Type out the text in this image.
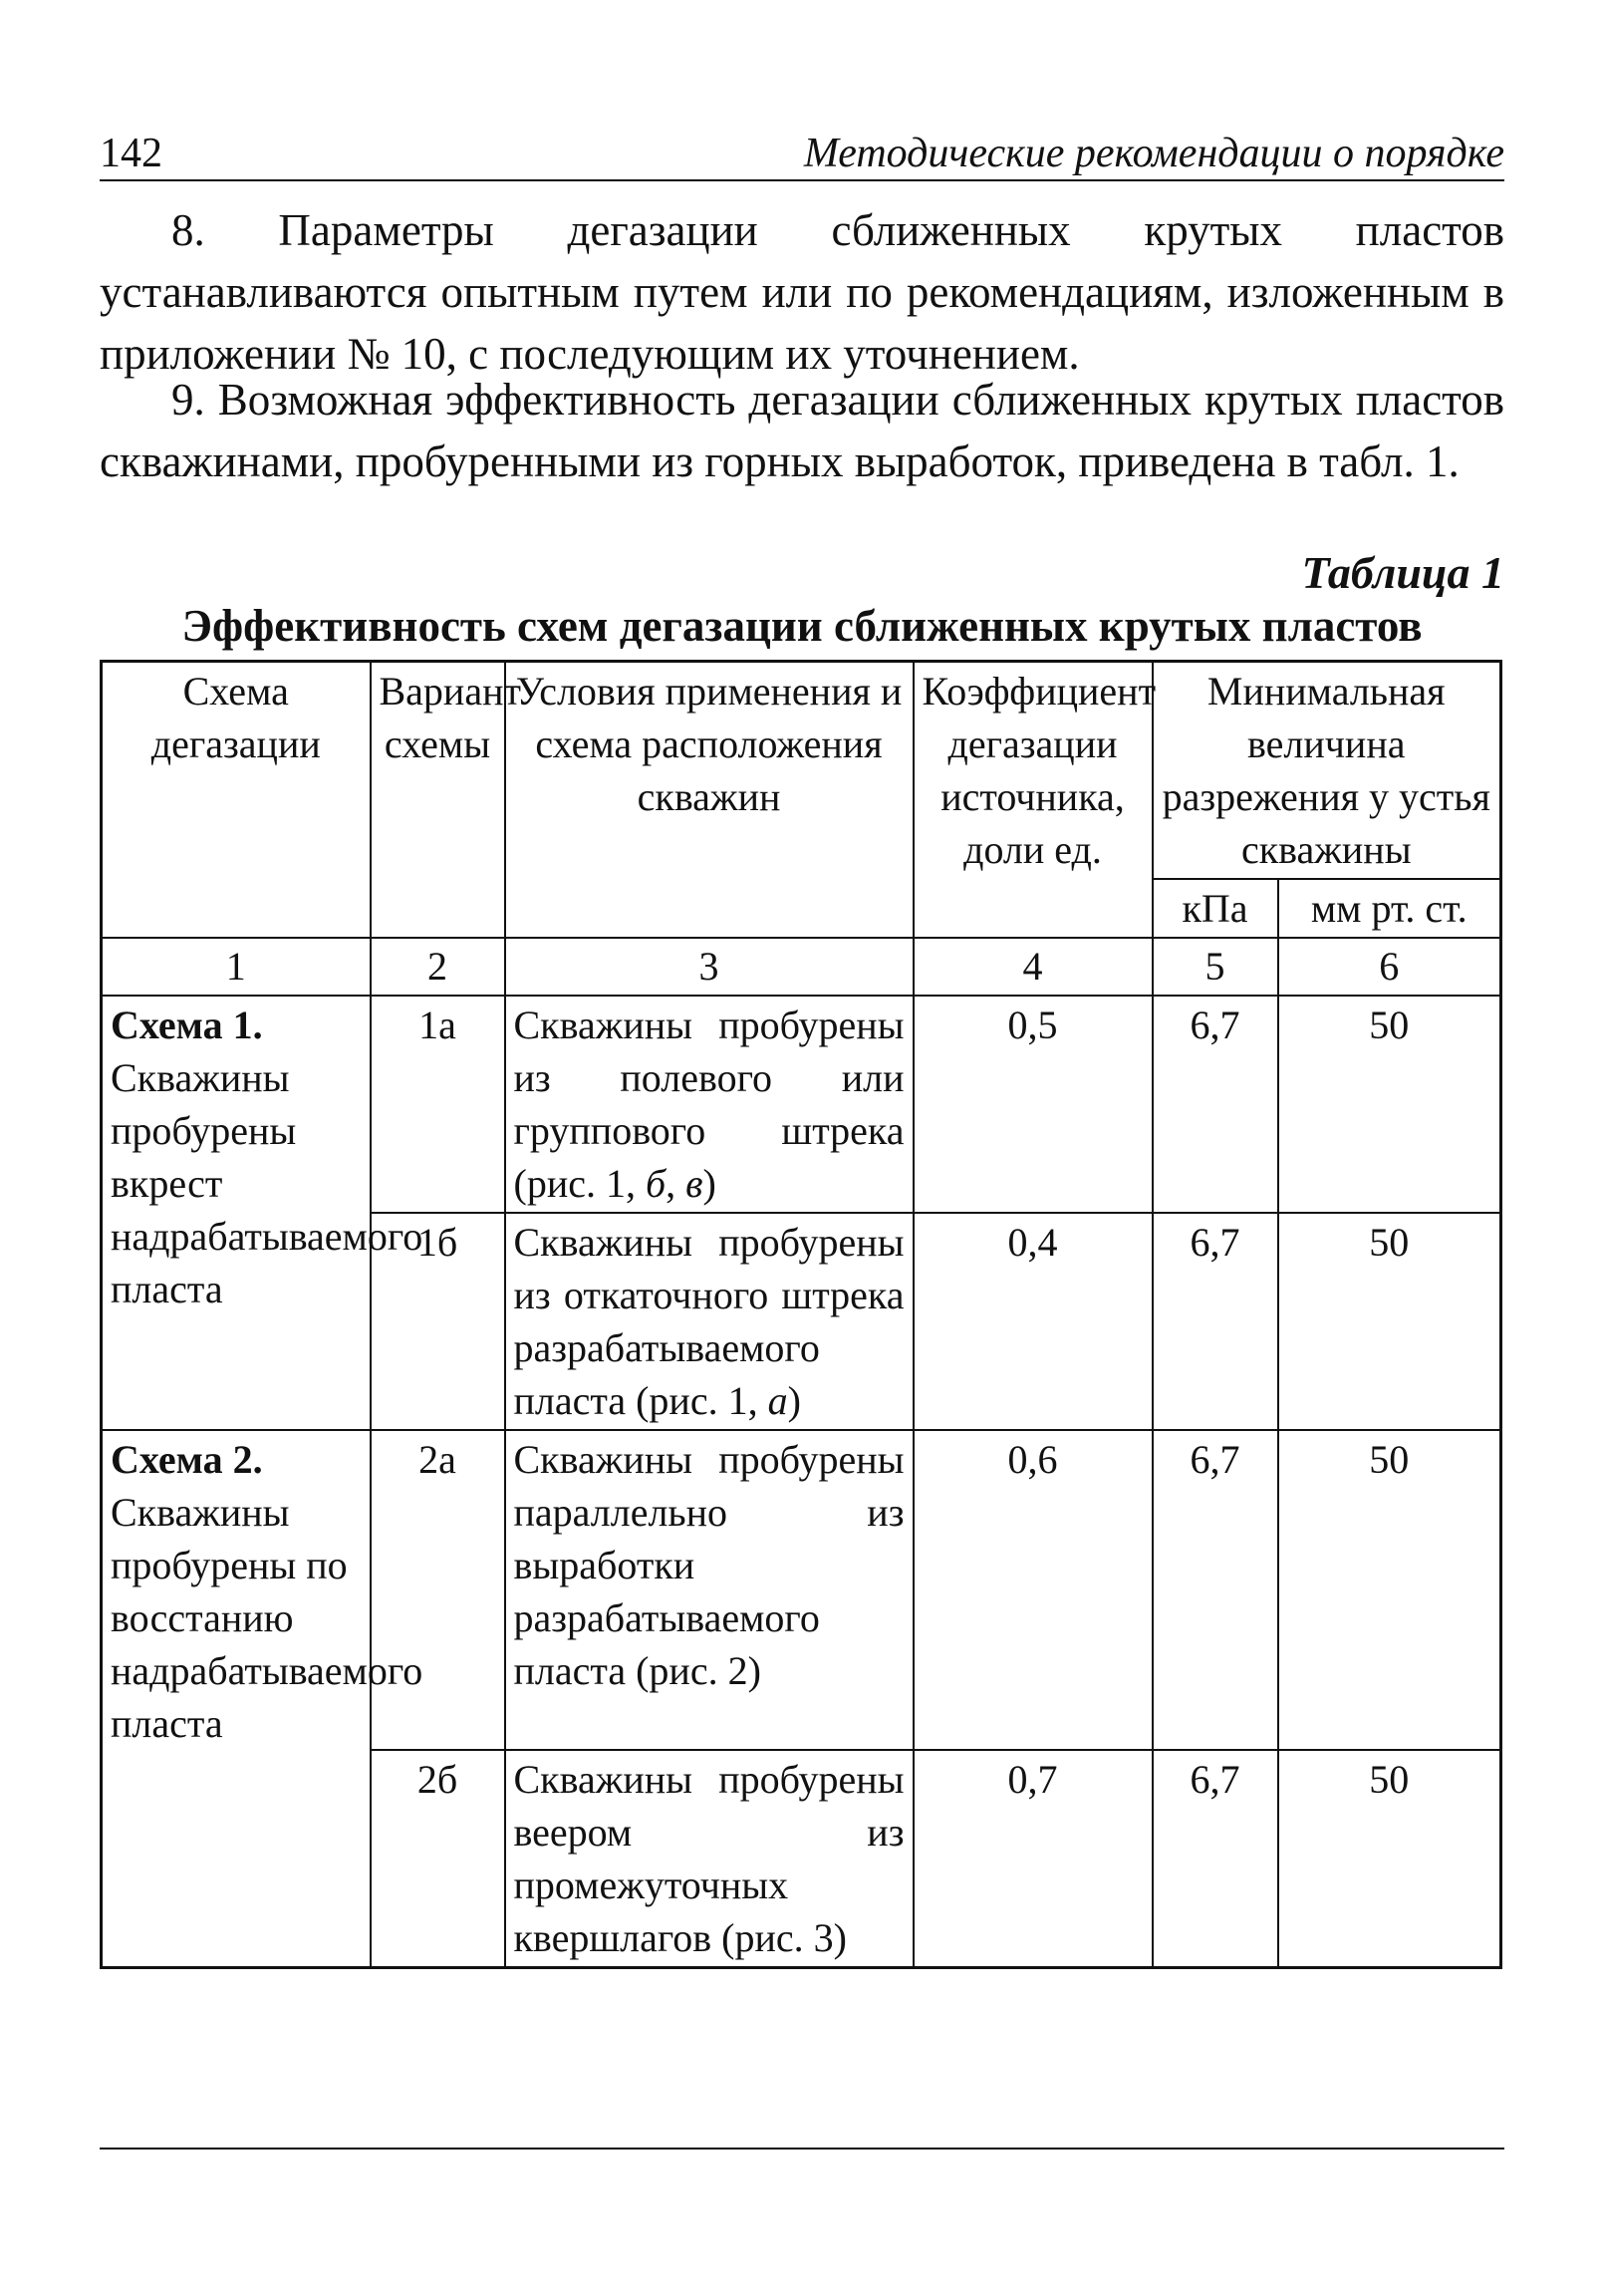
142	Методические рекомендации о порядке

8. Параметры дегазации сближенных крутых пластов устанавливаются опытным путем или по рекомендациям, изложенным в приложении № 10, с последующим их уточнением.

9. Возможная эффективность дегазации сближенных крутых пластов скважинами, пробуренными из горных выработок, приведена в табл. 1.

Таблица 1
Эффективность схем дегазации сближенных крутых пластов
Схема дегазации	Вариант схемы	Условия применения и схема расположения скважин	Коэффициент дегазации источника, доли ед.	Минимальная величина разрежения у устья скважины	
				кПа	мм рт. ст.
1	2	3	4	5	6

Схема 1.
Скважины пробурены вкрест надрабатываемого пласта	1а	Скважины пробурены из полевого или группового штрека (рис. 1, б, в)	0,5	6,7	50
	1б	Скважины пробурены из откаточного штрека разрабатываемого пласта (рис. 1, а)	0,4	6,7	50

Схема 2.
Скважины пробурены по восстанию надрабатываемого пласта	2а	Скважины пробурены параллельно из выработки разрабатываемого пласта (рис. 2)	0,6	6,7	50
	2б	Скважины пробурены веером из промежуточных квершлагов (рис. 3)	0,7	6,7	50
